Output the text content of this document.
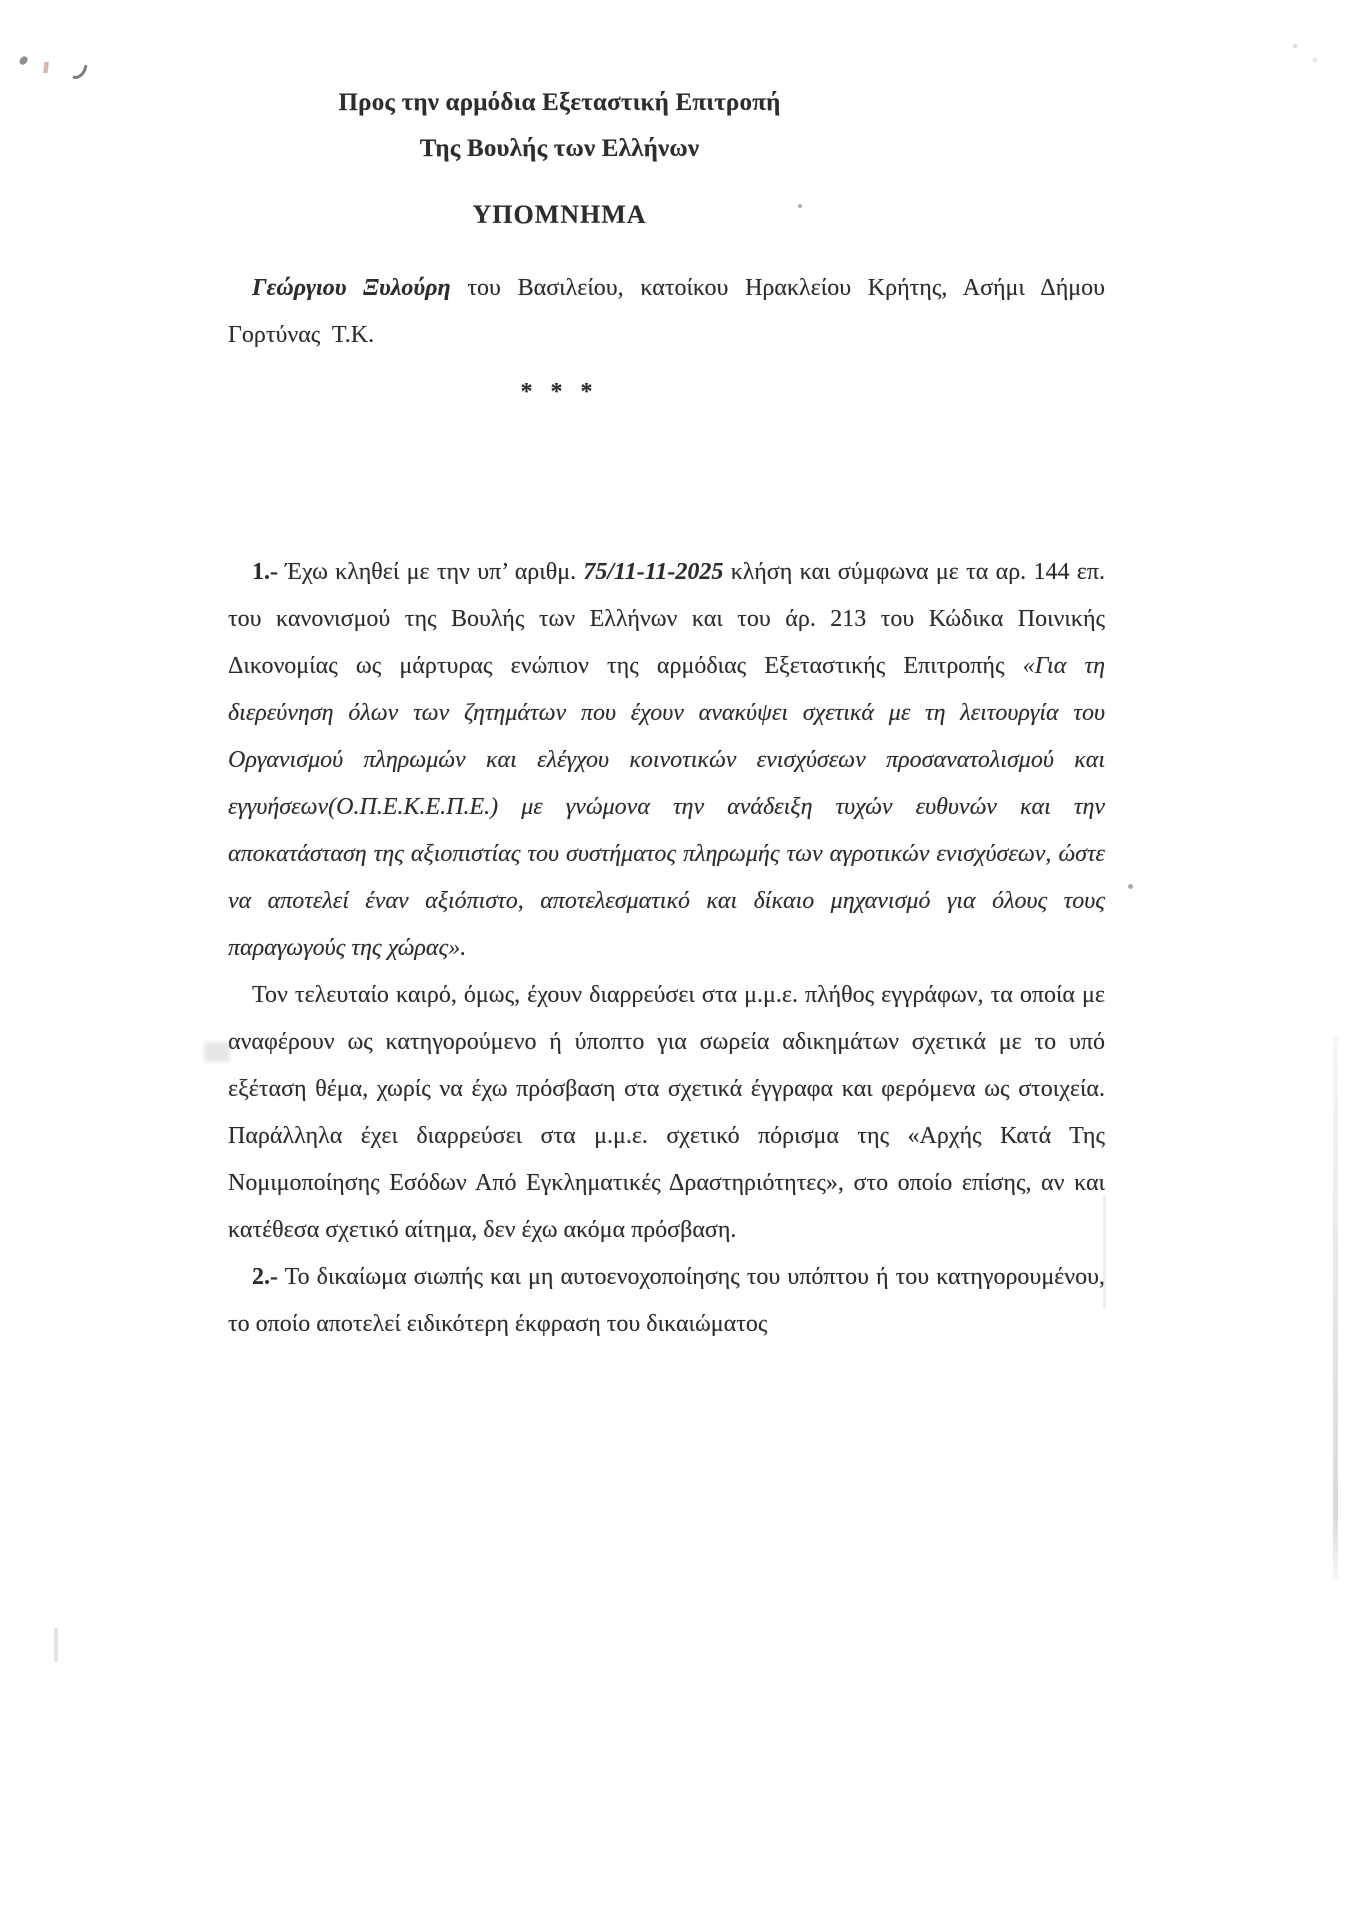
Προς την αρμόδια Εξεταστική Επιτροπή

Της Βουλής των Ελλήνων

ΥΠΟΜΝΗΜΑ

Γεώργιου Ξυλούρη του Βασιλείου, κατοίκου Ηρακλείου Κρήτης, Ασήμι Δήμου Γορτύνας Τ.Κ.

* * *

1.- Έχω κληθεί με την υπ’ αριθμ. 75/11-11-2025 κλήση και σύμφωνα με τα αρ. 144 επ. του κανονισμού της Βουλής των Ελλήνων και του άρ. 213 του Κώδικα Ποινικής Δικονομίας ως μάρτυρας ενώπιον της αρμόδιας Εξεταστικής Επιτροπής «Για τη διερεύνηση όλων των ζητημάτων που έχουν ανακύψει σχετικά με τη λειτουργία του Οργανισμού πληρωμών και ελέγχου κοινοτικών ενισχύσεων προσανατολισμού και εγγυήσεων(Ο.Π.Ε.Κ.Ε.Π.Ε.) με γνώμονα την ανάδειξη τυχών ευθυνών και την αποκατάσταση της αξιοπιστίας του συστήματος πληρωμής των αγροτικών ενισχύσεων, ώστε να αποτελεί έναν αξιόπιστο, αποτελεσματικό και δίκαιο μηχανισμό για όλους τους παραγωγούς της χώρας».

Τον τελευταίο καιρό, όμως, έχουν διαρρεύσει στα μ.μ.ε. πλήθος εγγράφων, τα οποία με αναφέρουν ως κατηγορούμενο ή ύποπτο για σωρεία αδικημάτων σχετικά με το υπό εξέταση θέμα, χωρίς να έχω πρόσβαση στα σχετικά έγγραφα και φερόμενα ως στοιχεία. Παράλληλα έχει διαρρεύσει στα μ.μ.ε. σχετικό πόρισμα της «Αρχής Κατά Της Νομιμοποίησης Εσόδων Από Εγκληματικές Δραστηριότητες», στο οποίο επίσης, αν και κατέθεσα σχετικό αίτημα, δεν έχω ακόμα πρόσβαση.

2.- Το δικαίωμα σιωπής και μη αυτοενοχοποίησης του υπόπτου ή του κατηγορουμένου, το οποίο αποτελεί ειδικότερη έκφραση του δικαιώματος
